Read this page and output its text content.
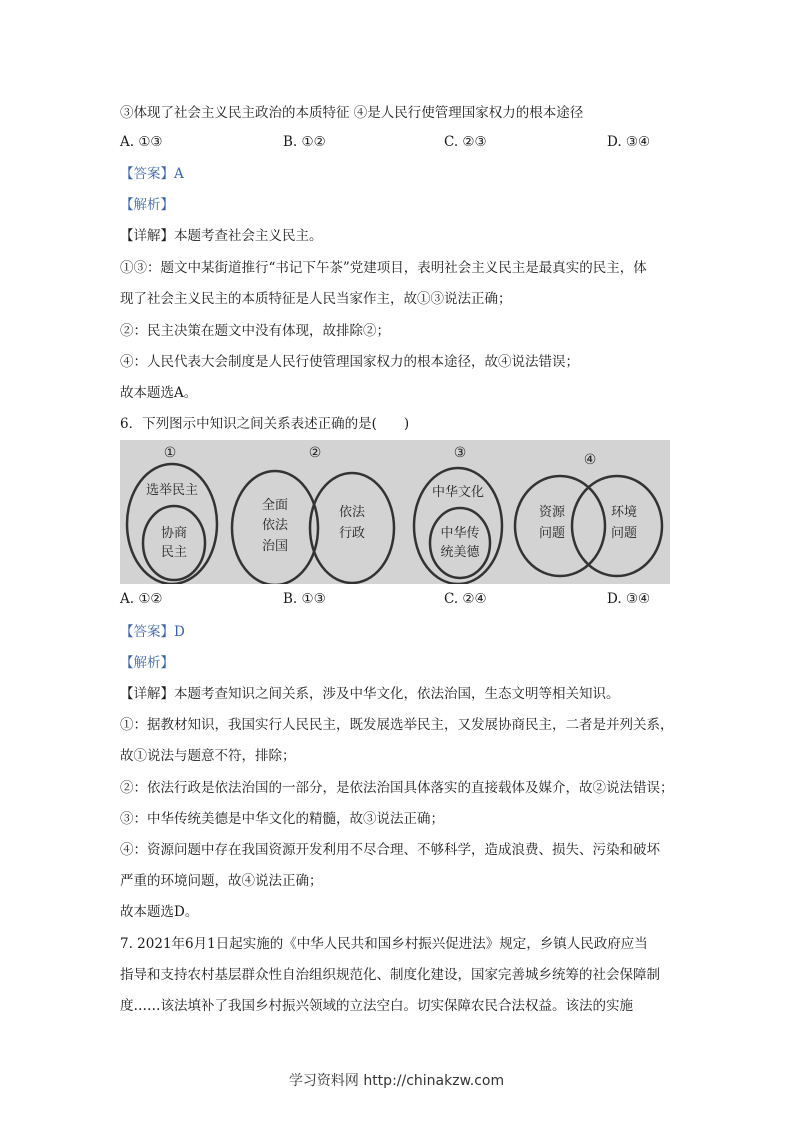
③体现了社会主义民主政治的本质特征 ④是人民行使管理国家权力的根本途径
A. ①③	B. ①②	C. ②③	D. ③④
【答案】A
【解析】
【详解】本题考查社会主义民主。
①③：题文中某街道推行“书记下午茶”党建项目，表明社会主义民主是最真实的民主，体
现了社会主义民主的本质特征是人民当家作主，故①③说法正确；
②：民主决策在题文中没有体现，故排除②；
④：人民代表大会制度是人民行使管理国家权力的根本途径，故④说法错误；
故本题选A。
6．下列图示中知识之间关系表述正确的是(　　)
①
选举民主
协商
民主
②
全面
依法
治国
依法
行政
③
中华文化
中华传
统美德
④
资源
问题
环境
问题
A. ①②	B. ①③	C. ②④	D. ③④
【答案】D
【解析】
【详解】本题考查知识之间关系，涉及中华文化，依法治国，生态文明等相关知识。
①：据教材知识，我国实行人民民主，既发展选举民主，又发展协商民主，二者是并列关系，
故①说法与题意不符，排除；
②：依法行政是依法治国的一部分，是依法治国具体落实的直接载体及媒介，故②说法错误；
③：中华传统美德是中华文化的精髓，故③说法正确；
④：资源问题中存在我国资源开发利用不尽合理、不够科学，造成浪费、损失、污染和破坏
严重的环境问题，故④说法正确；
故本题选D。
7. 2021年6月1日起实施的《中华人民共和国乡村振兴促进法》规定，乡镇人民政府应当
指导和支持农村基层群众性自治组织规范化、制度化建设，国家完善城乡统筹的社会保障制
度……该法填补了我国乡村振兴领域的立法空白。切实保障农民合法权益。该法的实施
学习资料网 http://chinakzw.com
